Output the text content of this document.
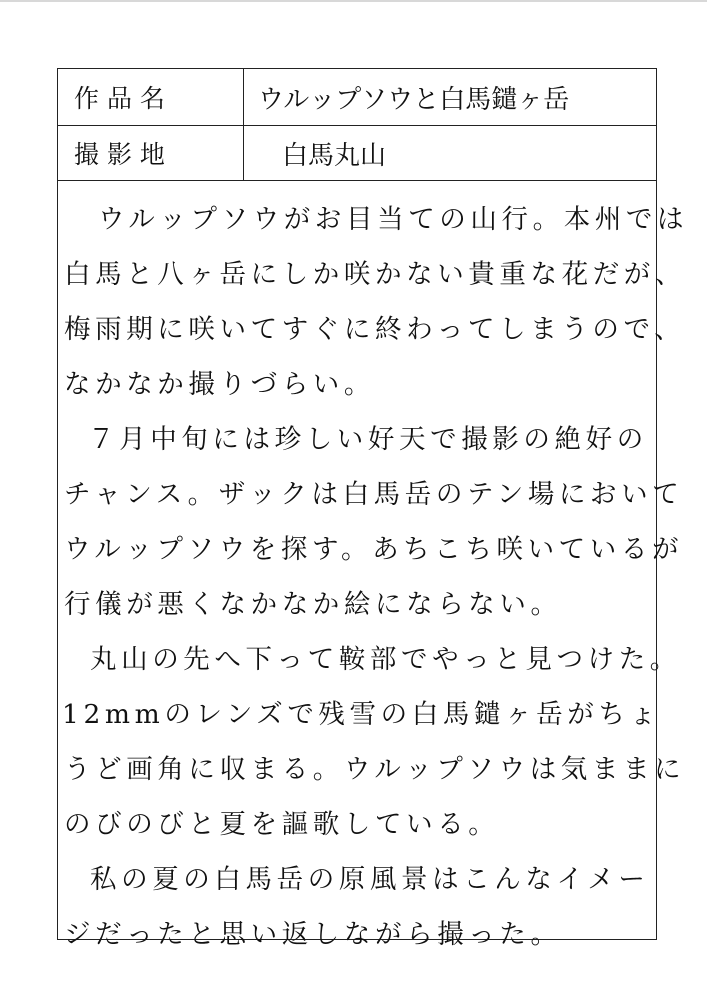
作 品 名	ウルップソウと白馬鑓ヶ岳
撮 影 地	白馬丸山
ウルップソウがお目当ての山行。本州では
白馬と八ヶ岳にしか咲かない貴重な花だが、
梅雨期に咲いてすぐに終わってしまうので、
なかなか撮りづらい。
７月中旬には珍しい好天で撮影の絶好の
チャンス。ザックは白馬岳のテン場において
ウルップソウを探す。あちこち咲いているが
行儀が悪くなかなか絵にならない。
丸山の先へ下って鞍部でやっと見つけた。
12mmのレンズで残雪の白馬鑓ヶ岳がちょ
うど画角に収まる。ウルップソウは気ままに
のびのびと夏を謳歌している。
私の夏の白馬岳の原風景はこんなイメー
ジだったと思い返しながら撮った。
